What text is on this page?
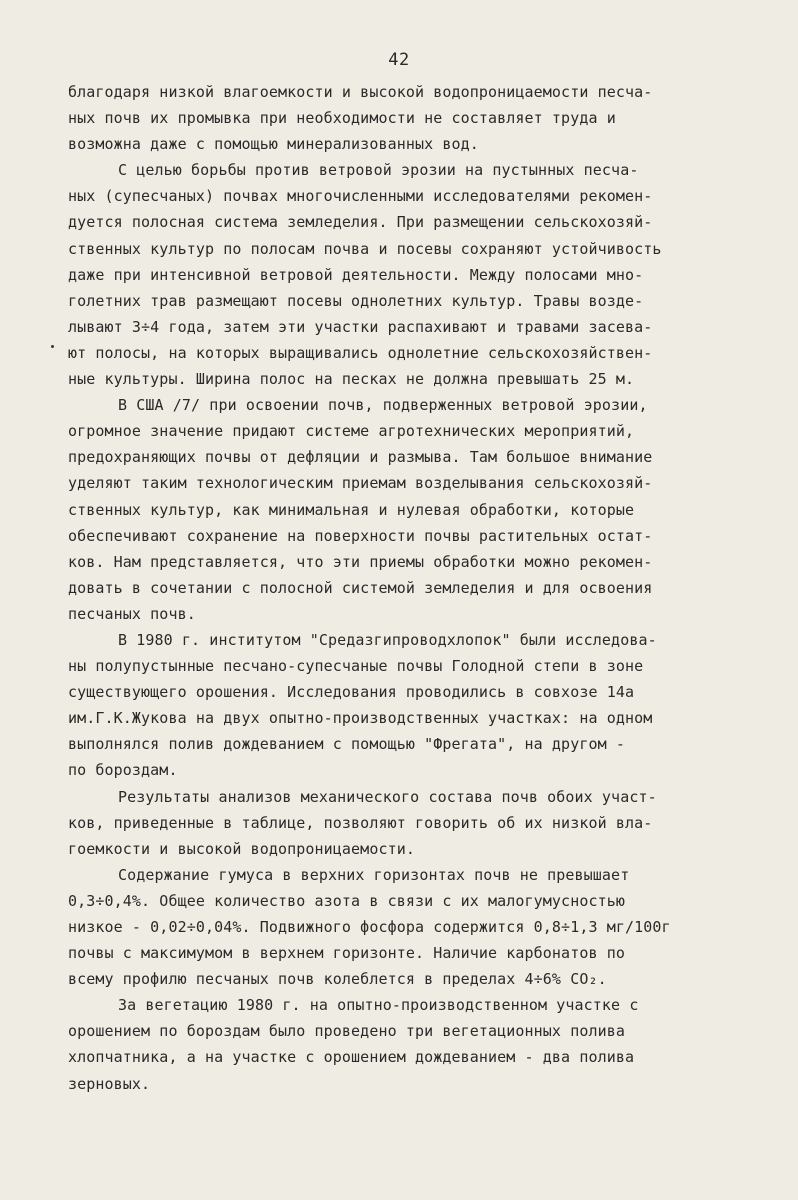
42
благодаря низкой влагоемкости и высокой водопроницаемости песча-
ных почв их промывка при необходимости не составляет труда и
возможна даже с помощью минерализованных вод.
С целью борьбы против ветровой эрозии на пустынных песча-
ных (супесчаных) почвах многочисленными исследователями рекомен-
дуется полосная система земледелия. При размещении сельскохозяй-
ственных культур по полосам почва и посевы сохраняют устойчивость
даже при интенсивной ветровой деятельности. Между полосами мно-
голетних трав размещают посевы однолетних культур. Травы возде-
лывают 3÷4 года, затем эти участки распахивают и травами засева-
ют полосы, на которых выращивались однолетние сельскохозяйствен-
ные культуры. Ширина полос на песках не должна превышать 25 м.
В США /7/ при освоении почв, подверженных ветровой эрозии,
огромное значение придают системе агротехнических мероприятий,
предохраняющих почвы от дефляции и размыва. Там большое внимание
уделяют таким технологическим приемам возделывания сельскохозяй-
ственных культур, как минимальная и нулевая обработки, которые
обеспечивают сохранение на поверхности почвы растительных остат-
ков. Нам представляется, что эти приемы обработки можно рекомен-
довать в сочетании с полосной системой земледелия и для освоения
песчаных почв.
В 1980 г. институтом "Средазгипроводхлопок" были исследова-
ны полупустынные песчано-супесчаные почвы Голодной степи в зоне
существующего орошения. Исследования проводились в совхозе 14а
им.Г.К.Жукова на двух опытно-производственных участках: на одном
выполнялся полив дождеванием с помощью "Фрегата", на другом -
по бороздам.
Результаты анализов механического состава почв обоих участ-
ков, приведенные в таблице, позволяют говорить об их низкой вла-
гоемкости и высокой водопроницаемости.
Содержание гумуса в верхних горизонтах почв не превышает
0,3÷0,4%. Общее количество азота в связи с их малогумусностью
низкое - 0,02÷0,04%. Подвижного фосфора содержится 0,8÷1,3 мг/100г
почвы с максимумом в верхнем горизонте. Наличие карбонатов по
всему профилю песчаных почв колеблется в пределах 4÷6% CO₂.
За вегетацию 1980 г. на опытно-производственном участке с
орошением по бороздам было проведено три вегетационных полива
хлопчатника, а на участке с орошением дождеванием - два полива
зерновых.
